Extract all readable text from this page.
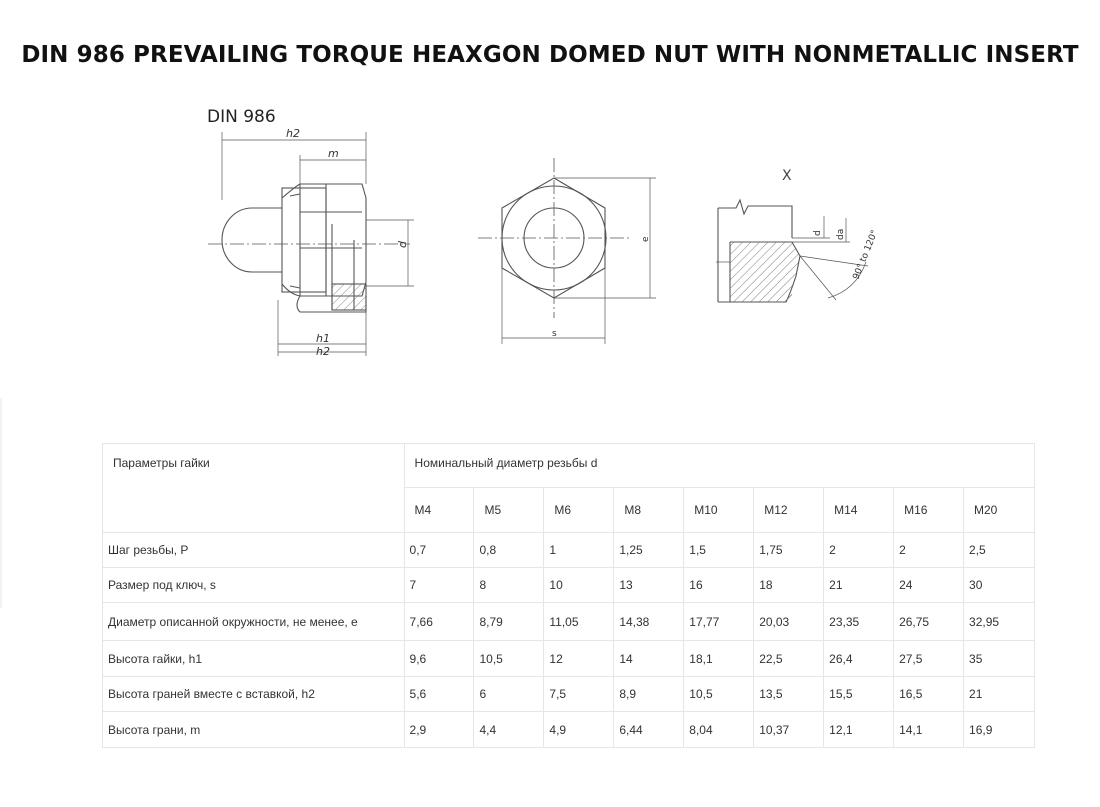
DIN 986 PREVAILING TORQUE HEAXGON DOMED NUT WITH NONMETALLIC INSERT
DIN 986
h2
m
d
h1
h2
e
s
X
d da 90° to 120°
Параметры гайки	Номинальный диаметр резьбы d								
	M4	M5	M6	M8	M10	M12	M14	M16	M20
Шаг резьбы, P	0,7	0,8	1	1,25	1,5	1,75	2	2	2,5
Размер под ключ, s	7	8	10	13	16	18	21	24	30
Диаметр описанной окружности, не менее, e	7,66	8,79	11,05	14,38	17,77	20,03	23,35	26,75	32,95
Высота гайки, h1	9,6	10,5	12	14	18,1	22,5	26,4	27,5	35
Высота граней вместе с вставкой, h2	5,6	6	7,5	8,9	10,5	13,5	15,5	16,5	21
Высота грани, m	2,9	4,4	4,9	6,44	8,04	10,37	12,1	14,1	16,9
